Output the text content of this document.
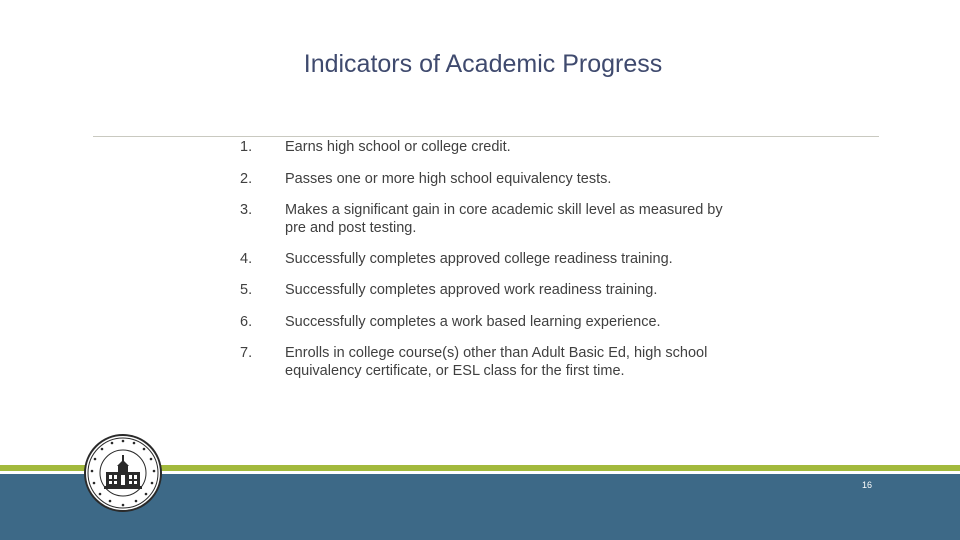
Indicators of Academic Progress
1.	Earns high school or college credit.
2.	Passes one or more high school equivalency tests.
3.	Makes a significant gain in core academic skill level as measured by pre and post testing.
4.	Successfully completes approved college readiness training.
5.	Successfully completes approved work readiness training.
6.	Successfully completes a work based learning experience.
7.	Enrolls in college course(s) other than Adult Basic Ed, high school equivalency certificate, or ESL class for the first time.
16
